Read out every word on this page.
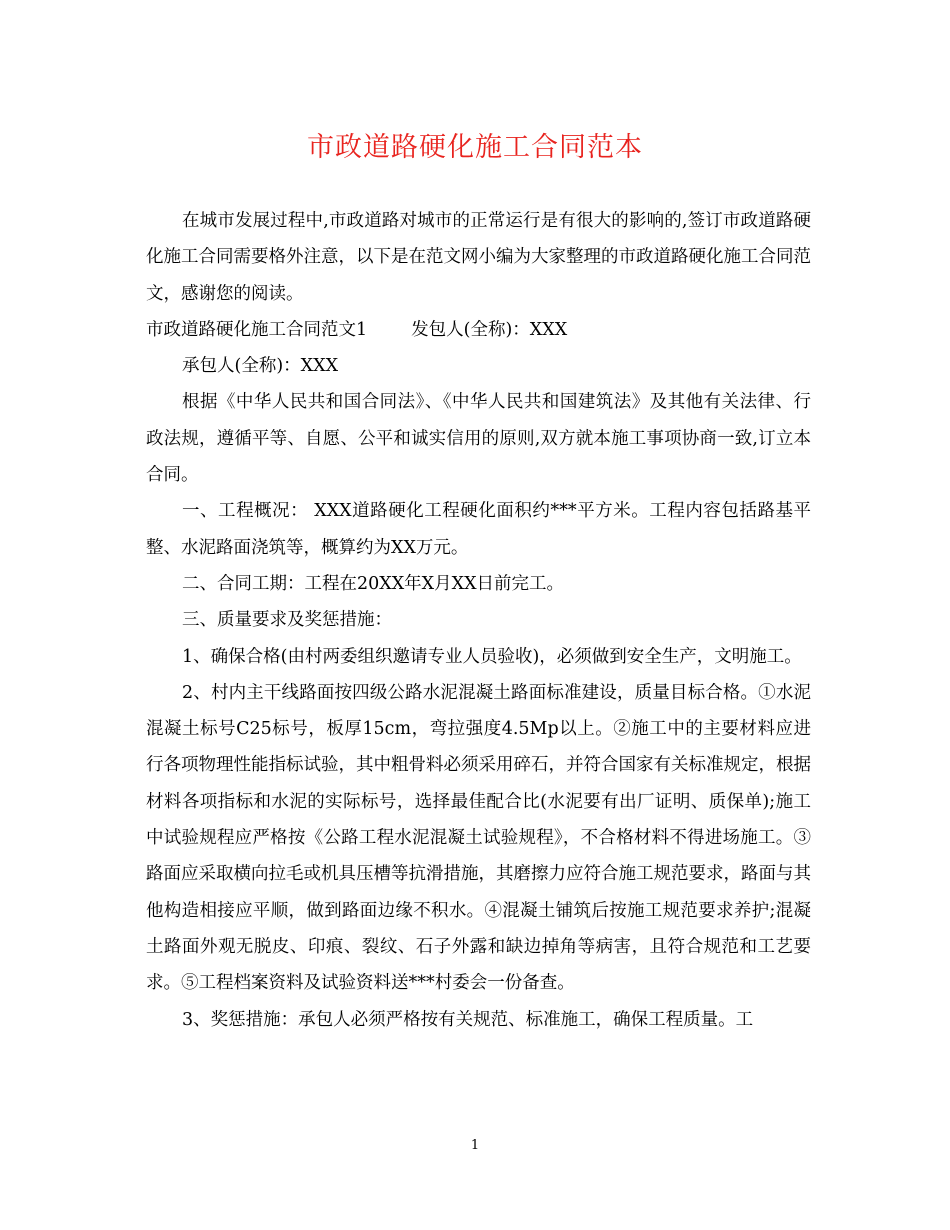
市政道路硬化施工合同范本

在城市发展过程中,市政道路对城市的正常运行是有很大的影响的,签订市政道路硬化施工合同需要格外注意，以下是在范文网小编为大家整理的市政道路硬化施工合同范文，感谢您的阅读。

市政道路硬化施工合同范文1	发包人(全称)：XXX

承包人(全称)：XXX

根据《中华人民共和国合同法》、《中华人民共和国建筑法》及其他有关法律、行政法规，遵循平等、自愿、公平和诚实信用的原则,双方就本施工事项协商一致,订立本合同。

一、工程概况： XXX道路硬化工程硬化面积约***平方米。工程内容包括路基平整、水泥路面浇筑等，概算约为XX万元。

二、合同工期：工程在20XX年X月XX日前完工。

三、质量要求及奖惩措施：

1、确保合格(由村两委组织邀请专业人员验收)，必须做到安全生产，文明施工。

2、村内主干线路面按四级公路水泥混凝土路面标准建设，质量目标合格。①水泥混凝土标号C25标号，板厚15cm，弯拉强度4.5Mp以上。②施工中的主要材料应进行各项物理性能指标试验，其中粗骨料必须采用碎石，并符合国家有关标准规定，根据材料各项指标和水泥的实际标号，选择最佳配合比(水泥要有出厂证明、质保单);施工中试验规程应严格按《公路工程水泥混凝土试验规程》，不合格材料不得进场施工。③路面应采取横向拉毛或机具压槽等抗滑措施，其磨擦力应符合施工规范要求，路面与其他构造相接应平顺，做到路面边缘不积水。④混凝土铺筑后按施工规范要求养护;混凝土路面外观无脱皮、印痕、裂纹、石子外露和缺边掉角等病害，且符合规范和工艺要求。⑤工程档案资料及试验资料送***村委会一份备查。

3、奖惩措施：承包人必须严格按有关规范、标准施工，确保工程质量。工

1
